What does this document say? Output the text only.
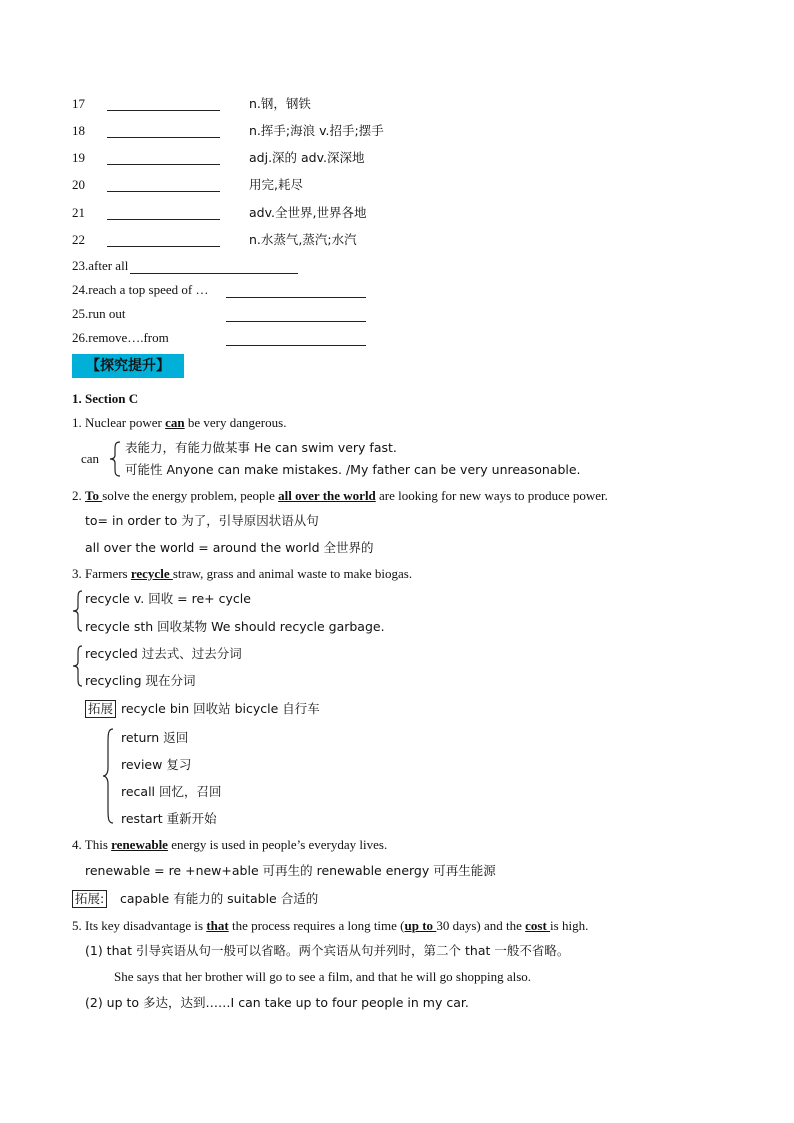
17	n.钢，钢铁
18	n.挥手;海浪 v.招手;摆手
19	adj.深的 adv.深深地
20	用完,耗尽
21	adv.全世界,世界各地
22	n.水蒸气,蒸汽;水汽
23.after all
24.reach a top speed of …
25.run out
26.remove….from
【探究提升】
1. Section C
1. Nuclear power can be very dangerous.
can
表能力，有能力做某事 He can swim very fast.
可能性 Anyone can make mistakes. /My father can be very unreasonable.
2. To solve the energy problem, people all over the world are looking for new ways to produce power.
to= in order to 为了，引导原因状语从句
all over the world = around the world 全世界的
3. Farmers recycle straw, grass and animal waste to make biogas.
recycle v. 回收 = re+ cycle
recycle sth 回收某物 We should recycle garbage.
recycled 过去式、过去分词
recycling 现在分词
拓展 recycle bin 回收站 bicycle 自行车
return 返回
review 复习
recall 回忆，召回
restart 重新开始
4. This renewable energy is used in people’s everyday lives.
renewable = re +new+able 可再生的 renewable energy 可再生能源
拓展: capable 有能力的 suitable 合适的
5. Its key disadvantage is that the process requires a long time (up to 30 days) and the cost is high.
(1) that 引导宾语从句一般可以省略。两个宾语从句并列时，第二个 that 一般不省略。
She says that her brother will go to see a film, and that he will go shopping also.
(2) up to 多达，达到……I can take up to four people in my car.
